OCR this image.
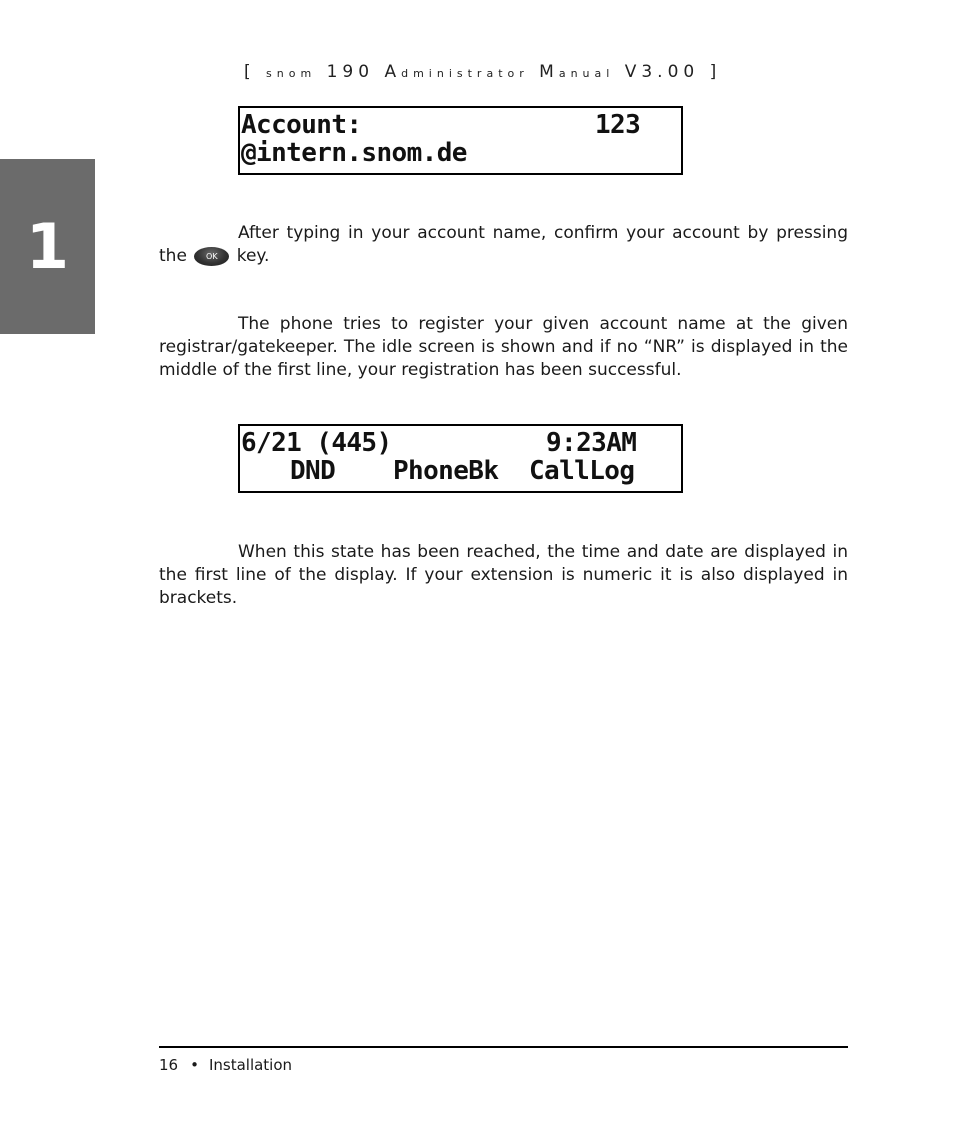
[ snom 190 Administrator Manual V3.00 ]
1
Account:	123
@intern.snom.de

After typing in your account name, confirm your account by pressing the OK key.

The phone tries to register your given account name at the given registrar/gatekeeper. The idle screen is shown and if no “NR” is displayed in the middle of the first line, your registration has been successful.

6/21 (445)	9:23AM
DND PhoneBk CallLog

When this state has been reached, the time and date are displayed in the first line of the display. If your extension is numeric it is also displayed in brackets.

16 • Installation
